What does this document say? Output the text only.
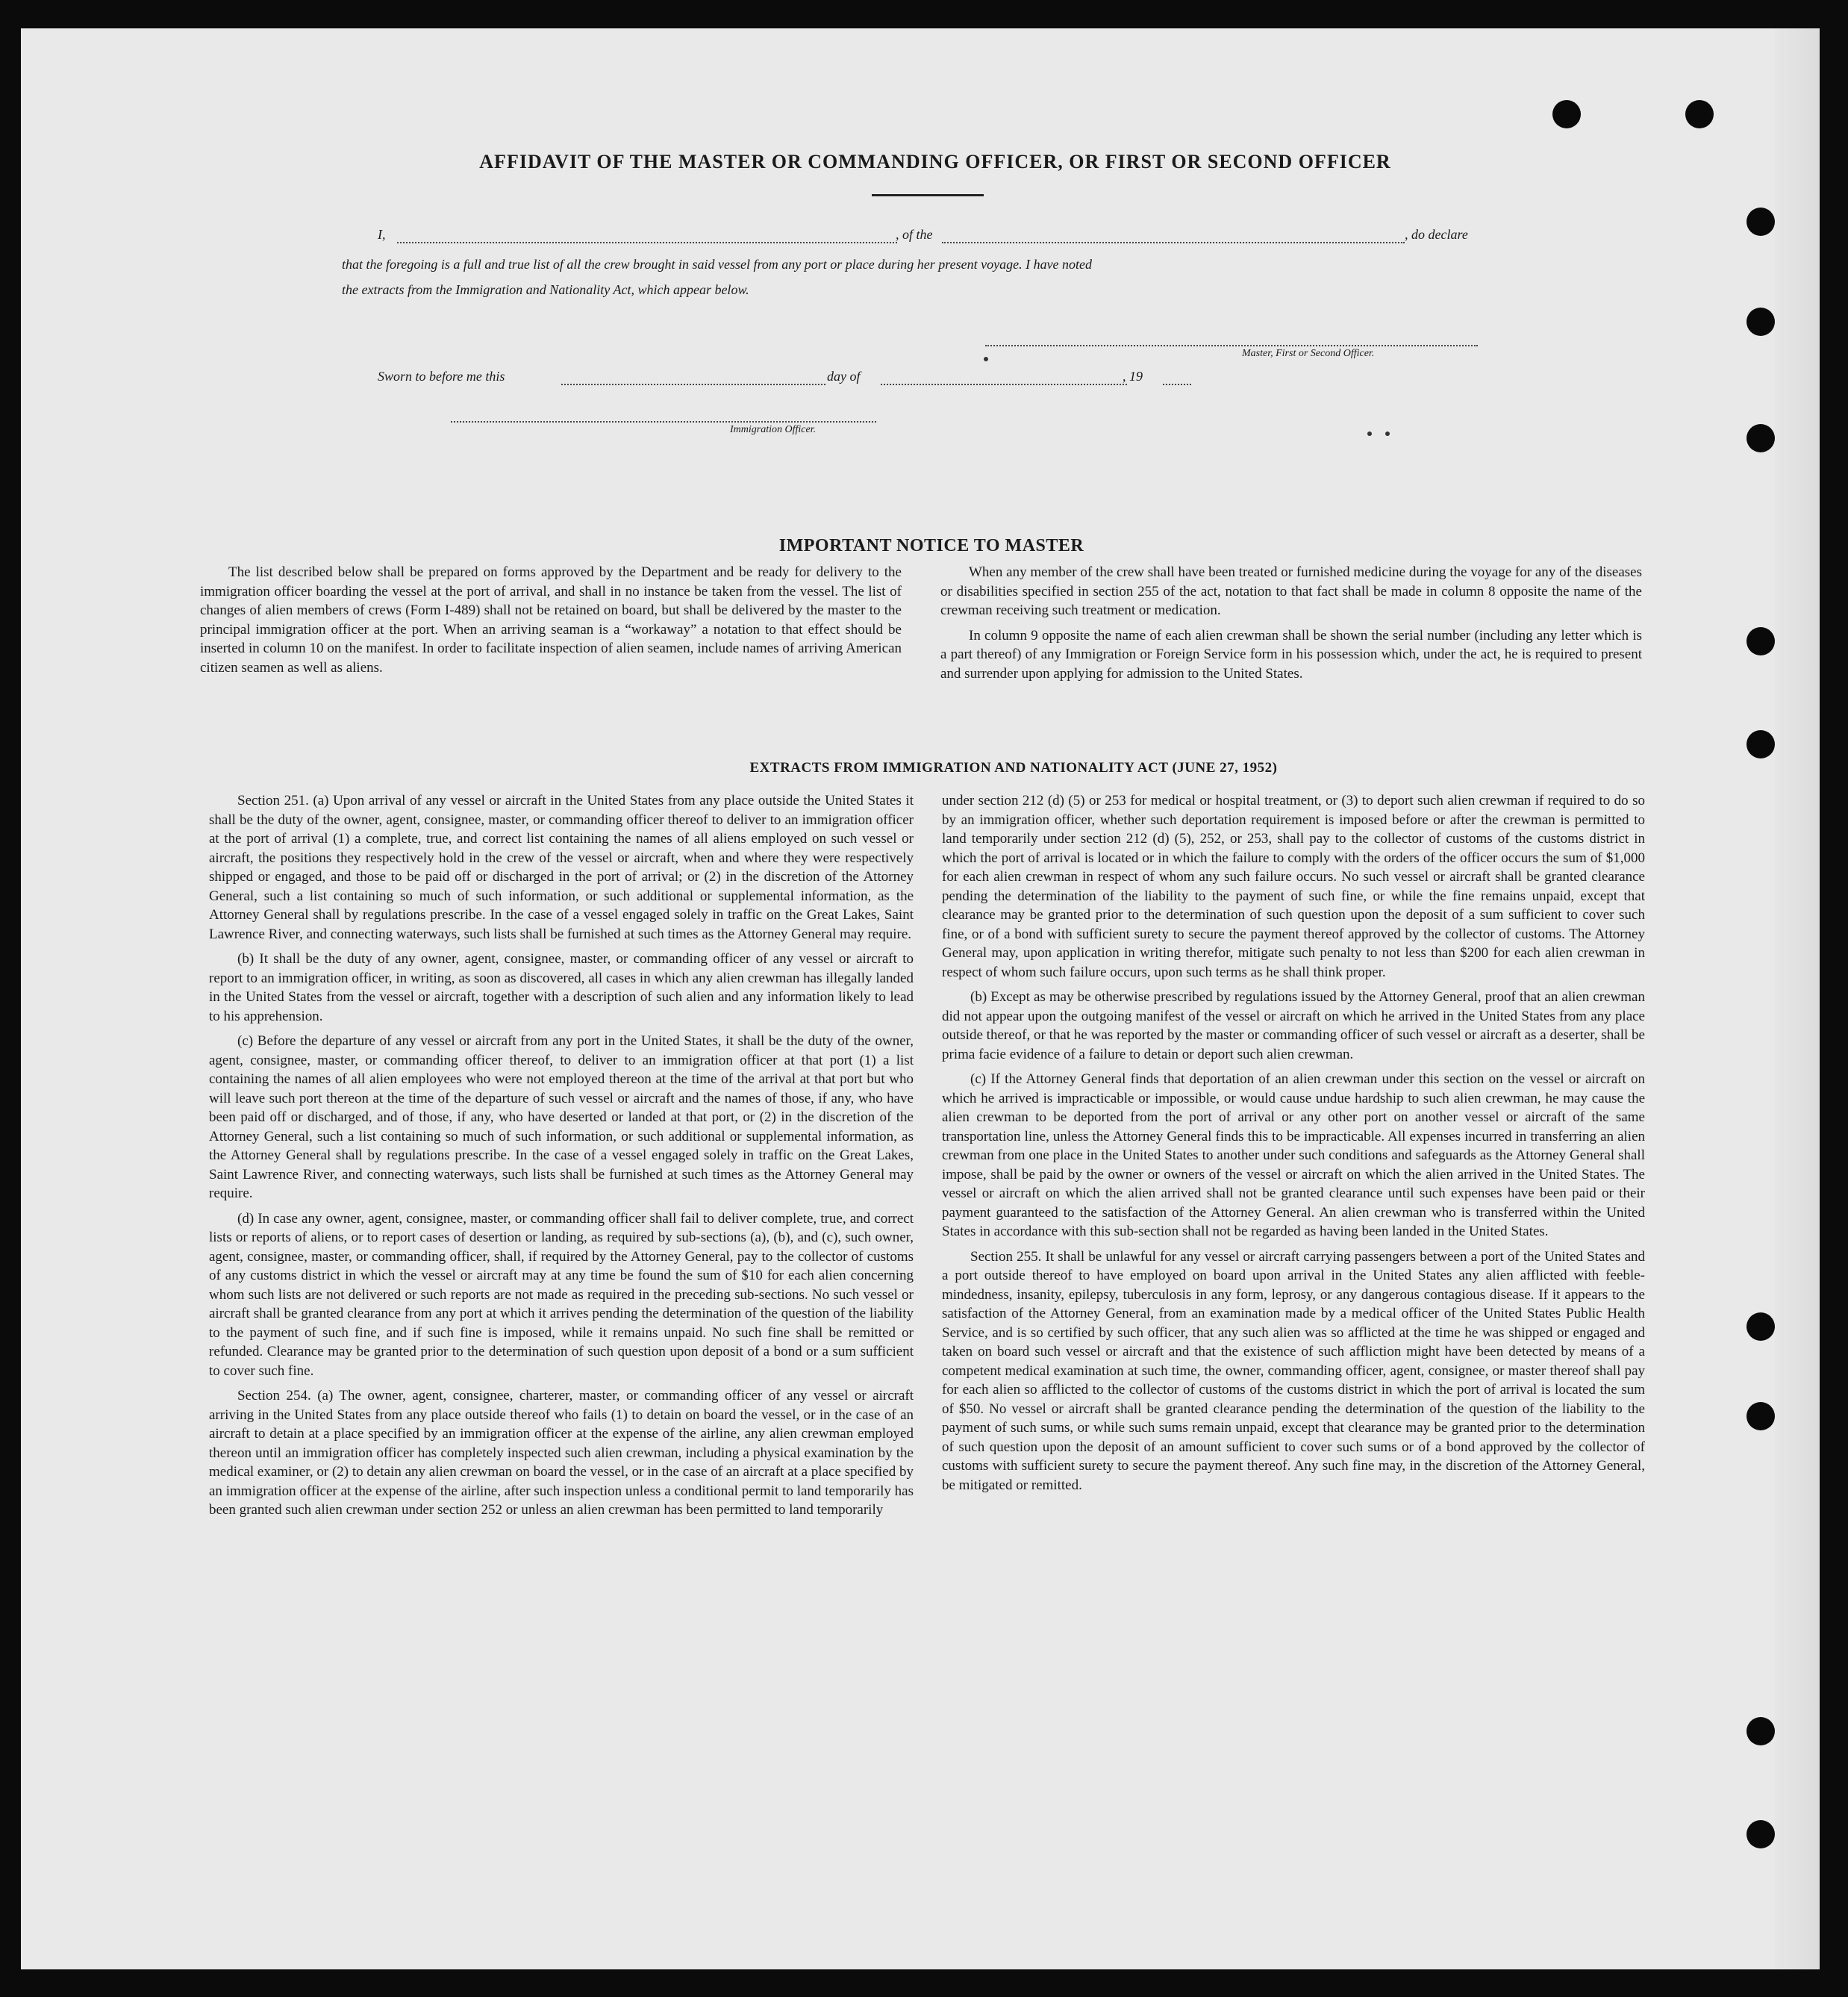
AFFIDAVIT OF THE MASTER OR COMMANDING OFFICER, OR FIRST OR SECOND OFFICER
I,	, of the	, do declare
that the foregoing is a full and true list of all the crew brought in said vessel from any port or place during her present voyage. I have noted
the extracts from the Immigration and Nationality Act, which appear below.
Master, First or Second Officer.
Sworn to before me this	day of	, 19
Immigration Officer.
IMPORTANT NOTICE TO MASTER

The list described below shall be prepared on forms approved by the Department and be ready for delivery to the immigration officer boarding the vessel at the port of arrival, and shall in no instance be taken from the vessel. The list of changes of alien members of crews (Form I-489) shall not be retained on board, but shall be delivered by the master to the principal immigration officer at the port. When an arriving seaman is a “workaway” a notation to that effect should be inserted in column 10 on the manifest. In order to facilitate inspection of alien seamen, include names of arriving American citizen seamen as well as aliens.

When any member of the crew shall have been treated or furnished medicine during the voyage for any of the diseases or disabilities specified in section 255 of the act, notation to that fact shall be made in column 8 opposite the name of the crewman receiving such treatment or medication.

In column 9 opposite the name of each alien crewman shall be shown the serial number (including any letter which is a part thereof) of any Immigration or Foreign Service form in his possession which, under the act, he is required to present and surrender upon applying for admission to the United States.

EXTRACTS FROM IMMIGRATION AND NATIONALITY ACT (JUNE 27, 1952)

Section 251. (a) Upon arrival of any vessel or aircraft in the United States from any place outside the United States it shall be the duty of the owner, agent, consignee, master, or commanding officer thereof to deliver to an immigration officer at the port of arrival (1) a complete, true, and correct list containing the names of all aliens employed on such vessel or aircraft, the positions they respectively hold in the crew of the vessel or aircraft, when and where they were respectively shipped or engaged, and those to be paid off or discharged in the port of arrival; or (2) in the discretion of the Attorney General, such a list containing so much of such information, or such additional or supplemental information, as the Attorney General shall by regulations prescribe. In the case of a vessel engaged solely in traffic on the Great Lakes, Saint Lawrence River, and connecting waterways, such lists shall be furnished at such times as the Attorney General may require.

(b) It shall be the duty of any owner, agent, consignee, master, or commanding officer of any vessel or aircraft to report to an immigration officer, in writing, as soon as discovered, all cases in which any alien crewman has illegally landed in the United States from the vessel or aircraft, together with a description of such alien and any information likely to lead to his apprehension.

(c) Before the departure of any vessel or aircraft from any port in the United States, it shall be the duty of the owner, agent, consignee, master, or commanding officer thereof, to deliver to an immigration officer at that port (1) a list containing the names of all alien employees who were not employed thereon at the time of the arrival at that port but who will leave such port thereon at the time of the departure of such vessel or aircraft and the names of those, if any, who have been paid off or discharged, and of those, if any, who have deserted or landed at that port, or (2) in the discretion of the Attorney General, such a list containing so much of such information, or such additional or supplemental information, as the Attorney General shall by regulations prescribe. In the case of a vessel engaged solely in traffic on the Great Lakes, Saint Lawrence River, and connecting waterways, such lists shall be furnished at such times as the Attorney General may require.

(d) In case any owner, agent, consignee, master, or commanding officer shall fail to deliver complete, true, and correct lists or reports of aliens, or to report cases of desertion or landing, as required by sub-sections (a), (b), and (c), such owner, agent, consignee, master, or commanding officer, shall, if required by the Attorney General, pay to the collector of customs of any customs district in which the vessel or aircraft may at any time be found the sum of $10 for each alien concerning whom such lists are not delivered or such reports are not made as required in the preceding sub-sections. No such vessel or aircraft shall be granted clearance from any port at which it arrives pending the determination of the question of the liability to the payment of such fine, and if such fine is imposed, while it remains unpaid. No such fine shall be remitted or refunded. Clearance may be granted prior to the determination of such question upon deposit of a bond or a sum sufficient to cover such fine.

Section 254. (a) The owner, agent, consignee, charterer, master, or commanding officer of any vessel or aircraft arriving in the United States from any place outside thereof who fails (1) to detain on board the vessel, or in the case of an aircraft to detain at a place specified by an immigration officer at the expense of the airline, any alien crewman employed thereon until an immigration officer has completely inspected such alien crewman, including a physical examination by the medical examiner, or (2) to detain any alien crewman on board the vessel, or in the case of an aircraft at a place specified by an immigration officer at the expense of the airline, after such inspection unless a conditional permit to land temporarily has been granted such alien crewman under section 252 or unless an alien crewman has been permitted to land temporarily

under section 212 (d) (5) or 253 for medical or hospital treatment, or (3) to deport such alien crewman if required to do so by an immigration officer, whether such deportation requirement is imposed before or after the crewman is permitted to land temporarily under section 212 (d) (5), 252, or 253, shall pay to the collector of customs of the customs district in which the port of arrival is located or in which the failure to comply with the orders of the officer occurs the sum of $1,000 for each alien crewman in respect of whom any such failure occurs. No such vessel or aircraft shall be granted clearance pending the determination of the liability to the payment of such fine, or while the fine remains unpaid, except that clearance may be granted prior to the determination of such question upon the deposit of a sum sufficient to cover such fine, or of a bond with sufficient surety to secure the payment thereof approved by the collector of customs. The Attorney General may, upon application in writing therefor, mitigate such penalty to not less than $200 for each alien crewman in respect of whom such failure occurs, upon such terms as he shall think proper.

(b) Except as may be otherwise prescribed by regulations issued by the Attorney General, proof that an alien crewman did not appear upon the outgoing manifest of the vessel or aircraft on which he arrived in the United States from any place outside thereof, or that he was reported by the master or commanding officer of such vessel or aircraft as a deserter, shall be prima facie evidence of a failure to detain or deport such alien crewman.

(c) If the Attorney General finds that deportation of an alien crewman under this section on the vessel or aircraft on which he arrived is impracticable or impossible, or would cause undue hardship to such alien crewman, he may cause the alien crewman to be deported from the port of arrival or any other port on another vessel or aircraft of the same transportation line, unless the Attorney General finds this to be impracticable. All expenses incurred in transferring an alien crewman from one place in the United States to another under such conditions and safeguards as the Attorney General shall impose, shall be paid by the owner or owners of the vessel or aircraft on which the alien arrived in the United States. The vessel or aircraft on which the alien arrived shall not be granted clearance until such expenses have been paid or their payment guaranteed to the satisfaction of the Attorney General. An alien crewman who is transferred within the United States in accordance with this sub-section shall not be regarded as having been landed in the United States.

Section 255. It shall be unlawful for any vessel or aircraft carrying passengers between a port of the United States and a port outside thereof to have employed on board upon arrival in the United States any alien afflicted with feeble-mindedness, insanity, epilepsy, tuberculosis in any form, leprosy, or any dangerous contagious disease. If it appears to the satisfaction of the Attorney General, from an examination made by a medical officer of the United States Public Health Service, and is so certified by such officer, that any such alien was so afflicted at the time he was shipped or engaged and taken on board such vessel or aircraft and that the existence of such affliction might have been detected by means of a competent medical examination at such time, the owner, commanding officer, agent, consignee, or master thereof shall pay for each alien so afflicted to the collector of customs of the customs district in which the port of arrival is located the sum of $50. No vessel or aircraft shall be granted clearance pending the determination of the question of the liability to the payment of such sums, or while such sums remain unpaid, except that clearance may be granted prior to the determination of such question upon the deposit of an amount sufficient to cover such sums or of a bond approved by the collector of customs with sufficient surety to secure the payment thereof. Any such fine may, in the discretion of the Attorney General, be mitigated or remitted.
